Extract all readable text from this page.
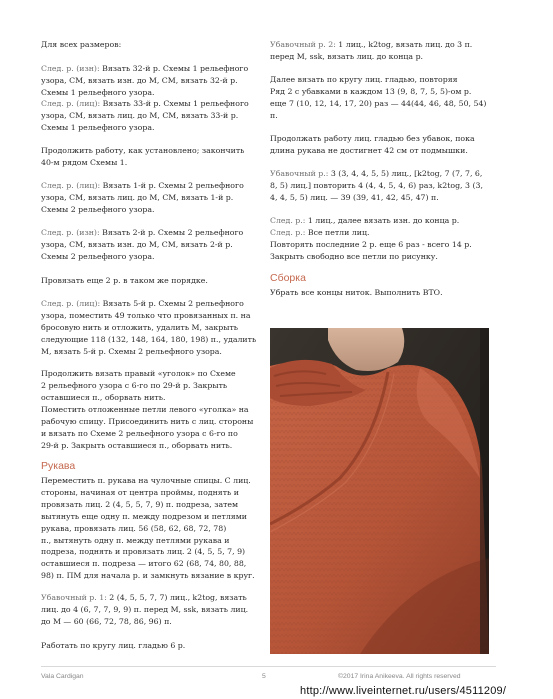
Для всех размеров:

След. р. (изн): Вязать 32-й р. Схемы 1 рельефного
узора, СМ, вязать изн. до М, СМ, вязать 32-й р.
Схемы 1 рельефного узора.

След. р. (лиц): Вязать 33-й р. Схемы 1 рельефного
узора, СМ, вязать лиц. до М, СМ, вязать 33-й р.
Схемы 1 рельефного узора.

Продолжить работу, как установлено; закончить
40-м рядом Схемы 1.

След. р. (лиц): Вязать 1-й р. Схемы 2 рельефного
узора, СМ, вязать лиц. до М, СМ, вязать 1-й р.
Схемы 2 рельефного узора.

След. р. (изн): Вязать 2-й р. Схемы 2 рельефного
узора, СМ, вязать изн. до М, СМ, вязать 2-й р.
Схемы 2 рельефного узора.

Провязать еще 2 р. в таком же порядке.

След. р. (лиц): Вязать 5-й р. Схемы 2 рельефного
узора, поместить 49 только что провязанных п. на
бросовую нить и отложить, удалить М, закрыть
следующие 118 (132, 148, 164, 180, 198) п., удалить
М, вязать 5-й р. Схемы 2 рельефного узора.

Продолжить вязать правый «уголок» по Схеме
2 рельефного узора с 6-го по 29-й р. Закрыть
оставшиеся п., оборвать нить.

Поместить отложенные петли левого «уголка» на
рабочую спицу. Присоединить нить с лиц. стороны
и вязать по Схеме 2 рельефного узора с 6-го по
29-й р. Закрыть оставшиеся п., оборвать нить.

Рукава

Переместить п. рукава на чулочные спицы. С лиц.
стороны, начиная от центра проймы, поднять и
провязать лиц. 2 (4, 5, 5, 7, 9) п. подреза, затем
вытянуть еще одну п. между подрезом и петлями
рукава, провязать лиц. 56 (58, 62, 68, 72, 78)
п., вытянуть одну п. между петлями рукава и
подреза, поднять и провязать лиц. 2 (4, 5, 5, 7, 9)
оставшиеся п. подреза — итого 62 (68, 74, 80, 88,
98) п. ПМ для начала р. и замкнуть вязание в круг.

Убавочный р. 1: 2 (4, 5, 5, 7, 7) лиц., k2tog, вязать
лиц. до 4 (6, 7, 7, 9, 9) п. перед М, ssk, вязать лиц.
до М — 60 (66, 72, 78, 86, 96) п.

Работать по кругу лиц. гладью 6 р.

Убавочный р. 2: 1 лиц., k2tog, вязать лиц. до 3 п.
перед М, ssk, вязать лиц. до конца р.

Далее вязать по кругу лиц. гладью, повторяя
Ряд 2 с убавками в каждом 13 (9, 8, 7, 5, 5)-ом р.
еще 7 (10, 12, 14, 17, 20) раз — 44(44, 46, 48, 50, 54)
п.

Продолжать работу лиц. гладью без убавок, пока
длина рукава не достигнет 42 см от подмышки.

Убавочный р.: 3 (3, 4, 4, 5, 5) лиц., [k2tog, 7 (7, 7, 6,
8, 5) лиц.] повторить 4 (4, 4, 5, 4, 6) раз, k2tog, 3 (3,
4, 4, 5, 5) лиц. — 39 (39, 41, 42, 45, 47) п.

След. р.: 1 лиц., далее вязать изн. до конца р.

След. р.: Все петли лиц.

Повторять последние 2 р. еще 6 раз - всего 14 р.
Закрыть свободно все петли по рисунку.

Сборка

Убрать все концы ниток. Выполнить ВТО.

Vala Cardigan	5	©2017 Irina Anikeeva. All rights reserved
http://www.liveinternet.ru/users/4511209/
